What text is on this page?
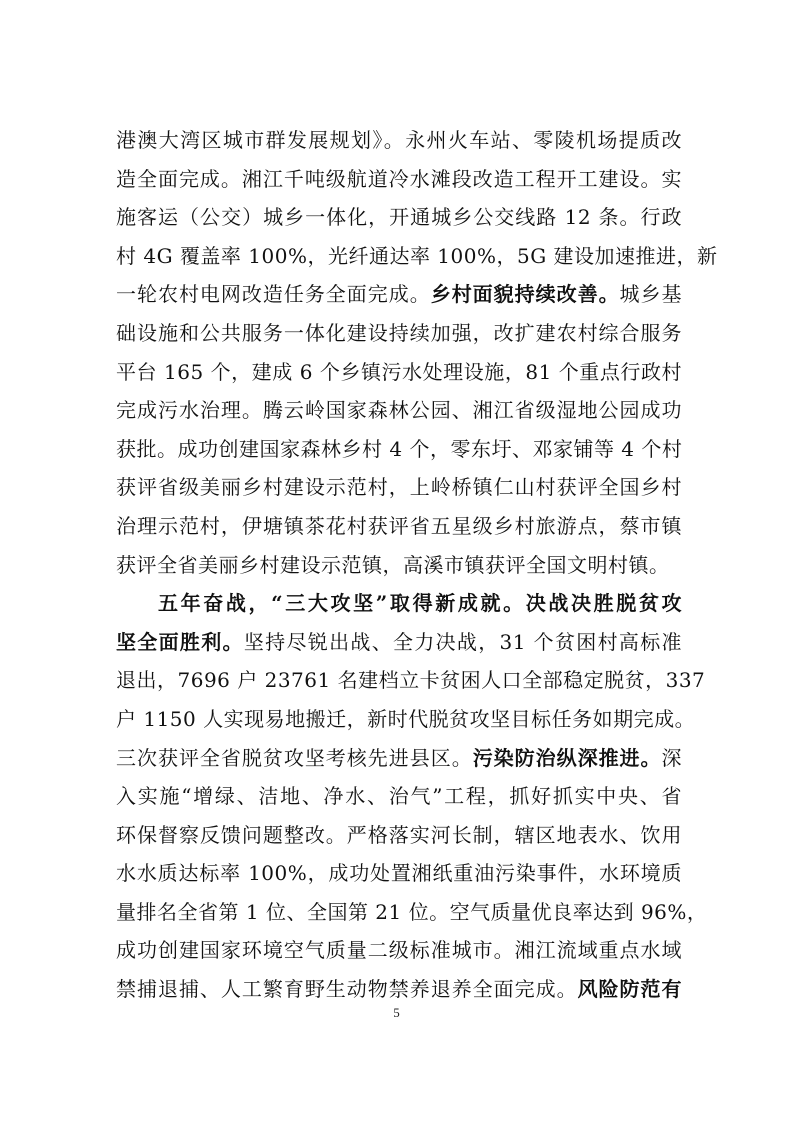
港澳大湾区城市群发展规划》。永州火车站、零陵机场提质改
造全面完成。湘江千吨级航道冷水滩段改造工程开工建设。实
施客运（公交）城乡一体化，开通城乡公交线路 12 条。行政
村 4G 覆盖率 100%，光纤通达率 100%，5G 建设加速推进，新
一轮农村电网改造任务全面完成。乡村面貌持续改善。城乡基
础设施和公共服务一体化建设持续加强，改扩建农村综合服务
平台 165 个，建成 6 个乡镇污水处理设施，81 个重点行政村
完成污水治理。腾云岭国家森林公园、湘江省级湿地公园成功
获批。成功创建国家森林乡村 4 个，零东圩、邓家铺等 4 个村
获评省级美丽乡村建设示范村，上岭桥镇仁山村获评全国乡村
治理示范村，伊塘镇茶花村获评省五星级乡村旅游点，蔡市镇
获评全省美丽乡村建设示范镇，高溪市镇获评全国文明村镇。
五年奋战，“三大攻坚”取得新成就。决战决胜脱贫攻
坚全面胜利。坚持尽锐出战、全力决战，31 个贫困村高标准
退出，7696 户 23761 名建档立卡贫困人口全部稳定脱贫，337
户 1150 人实现易地搬迁，新时代脱贫攻坚目标任务如期完成。
三次获评全省脱贫攻坚考核先进县区。污染防治纵深推进。深
入实施“增绿、洁地、净水、治气”工程，抓好抓实中央、省
环保督察反馈问题整改。严格落实河长制，辖区地表水、饮用
水水质达标率 100%，成功处置湘纸重油污染事件，水环境质
量排名全省第 1 位、全国第 21 位。空气质量优良率达到 96%，
成功创建国家环境空气质量二级标准城市。湘江流域重点水域
禁捕退捕、人工繁育野生动物禁养退养全面完成。风险防范有
5
